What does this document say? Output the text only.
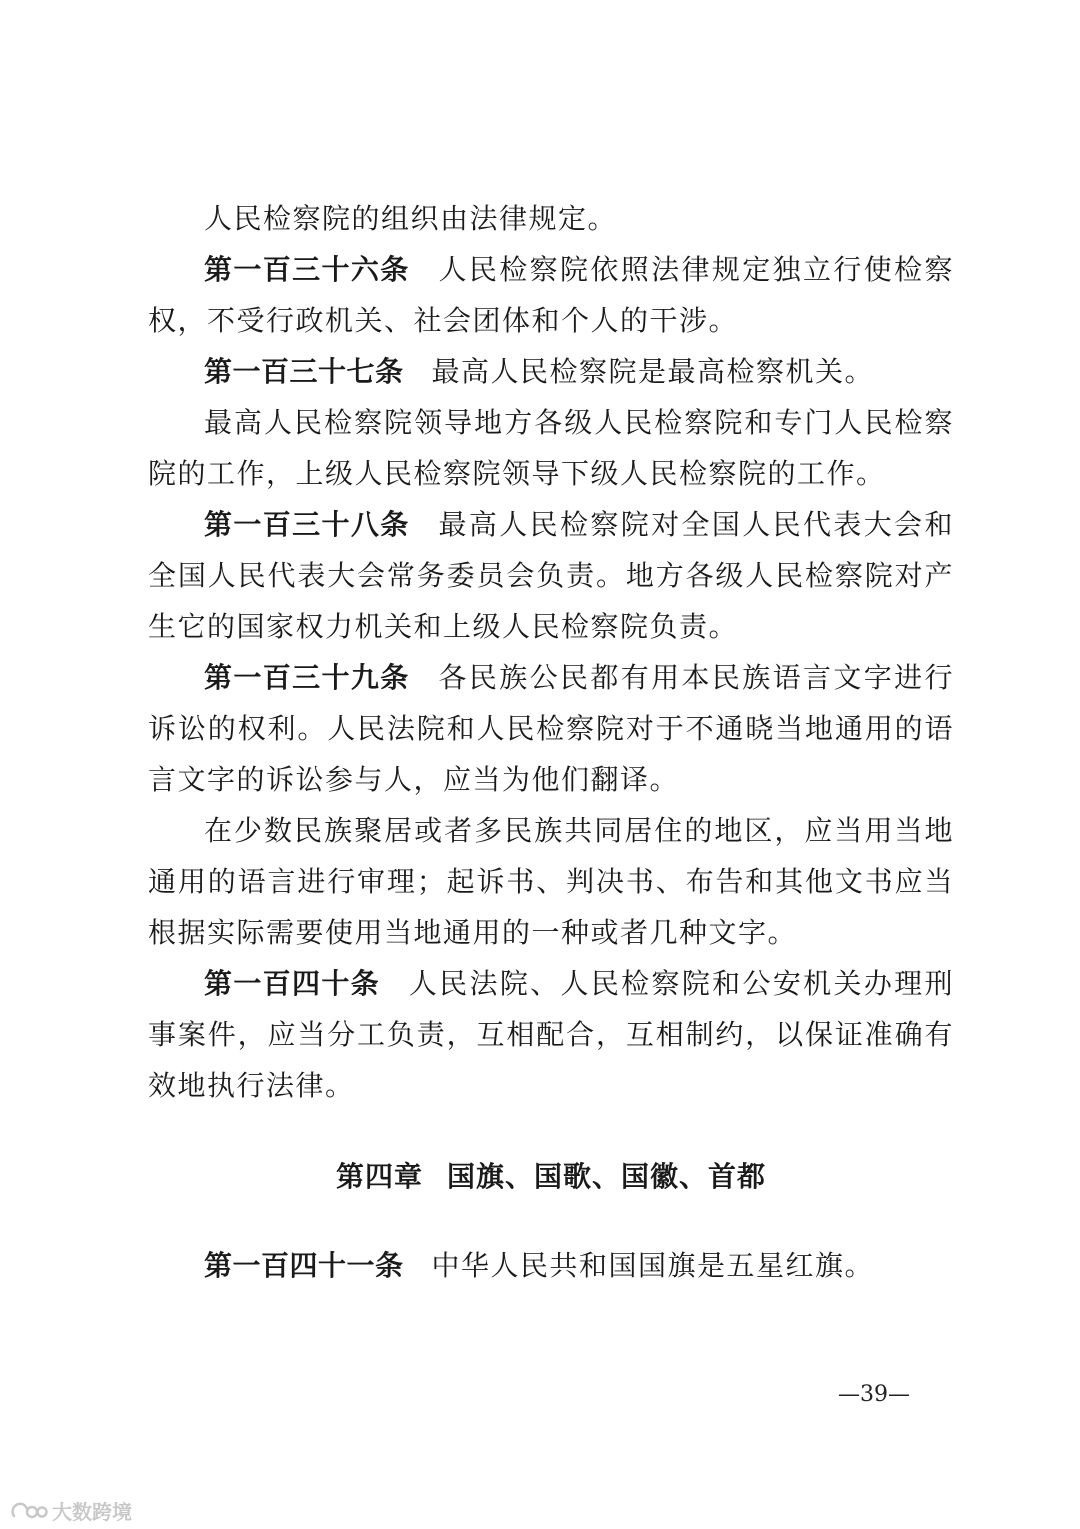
人民检察院的组织由法律规定。

第一百三十六条 人民检察院依照法律规定独立行使检察权，不受行政机关、社会团体和个人的干涉。

第一百三十七条 最高人民检察院是最高检察机关。

最高人民检察院领导地方各级人民检察院和专门人民检察院的工作，上级人民检察院领导下级人民检察院的工作。

第一百三十八条 最高人民检察院对全国人民代表大会和全国人民代表大会常务委员会负责。地方各级人民检察院对产生它的国家权力机关和上级人民检察院负责。

第一百三十九条 各民族公民都有用本民族语言文字进行诉讼的权利。人民法院和人民检察院对于不通晓当地通用的语言文字的诉讼参与人，应当为他们翻译。

在少数民族聚居或者多民族共同居住的地区，应当用当地通用的语言进行审理；起诉书、判决书、布告和其他文书应当根据实际需要使用当地通用的一种或者几种文字。

第一百四十条 人民法院、人民检察院和公安机关办理刑事案件，应当分工负责，互相配合，互相制约，以保证准确有效地执行法律。

第四章 国旗、国歌、国徽、首都

第一百四十一条 中华人民共和国国旗是五星红旗。

—39—
大数跨境
